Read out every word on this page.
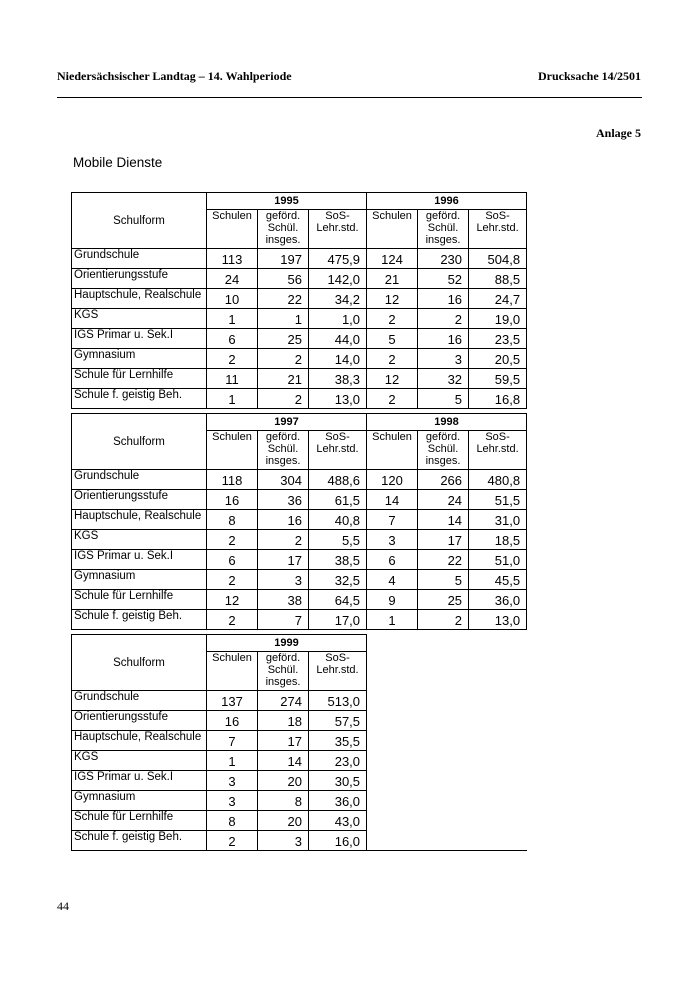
Niedersächsischer Landtag – 14. Wahlperiode	Drucksache 14/2501
Anlage 5
Mobile Dienste
Schulform	1995			1996		
	Schulen	geförd. Schül. insges.	SoS-Lehr.std.	Schulen	geförd. Schül. insges.	SoS-Lehr.std.
Grundschule	113	197	475,9	124	230	504,8
Orientierungsstufe	24	56	142,0	21	52	88,5
Hauptschule, Realschule	10	22	34,2	12	16	24,7
KGS	1	1	1,0	2	2	19,0
IGS Primar u. Sek.I	6	25	44,0	5	16	23,5
Gymnasium	2	2	14,0	2	3	20,5
Schule für Lernhilfe	11	21	38,3	12	32	59,5
Schule f. geistig Beh.	1	2	13,0	2	5	16,8
Schulform	1997			1998		
	Schulen	geförd. Schül. insges.	SoS-Lehr.std.	Schulen	geförd. Schül. insges.	SoS-Lehr.std.
Grundschule	118	304	488,6	120	266	480,8
Orientierungsstufe	16	36	61,5	14	24	51,5
Hauptschule, Realschule	8	16	40,8	7	14	31,0
KGS	2	2	5,5	3	17	18,5
IGS Primar u. Sek.I	6	17	38,5	6	22	51,0
Gymnasium	2	3	32,5	4	5	45,5
Schule für Lernhilfe	12	38	64,5	9	25	36,0
Schule f. geistig Beh.	2	7	17,0	1	2	13,0
Schulform	1999					
	Schulen	geförd. Schül. insges.	SoS-Lehr.std.			
Grundschule	137	274	513,0			
Orientierungsstufe	16	18	57,5			
Hauptschule, Realschule	7	17	35,5			
KGS	1	14	23,0			
IGS Primar u. Sek.I	3	20	30,5			
Gymnasium	3	8	36,0			
Schule für Lernhilfe	8	20	43,0			
Schule f. geistig Beh.	2	3	16,0			
44
